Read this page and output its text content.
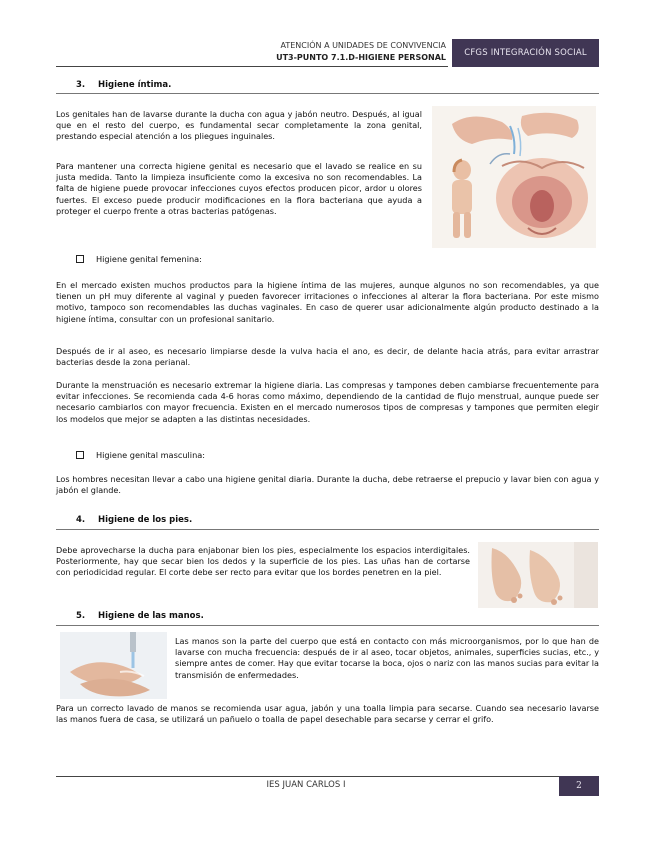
ATENCIÓN A UNIDADES DE CONVIVENCIA
UT3-PUNTO 7.1.D-HIGIENE PERSONAL	CFGS INTEGRACIÓN SOCIAL
3. Higiene íntima.

Los genitales han de lavarse durante la ducha con agua y jabón neutro. Después, al igual que en el resto del cuerpo, es fundamental secar completamente la zona genital, prestando especial atención a los pliegues inguinales.

Para mantener una correcta higiene genital es necesario que el lavado se realice en su justa medida. Tanto la limpieza insuficiente como la excesiva no son recomendables. La falta de higiene puede provocar infecciones cuyos efectos producen picor, ardor u olores fuertes. El exceso puede producir modificaciones en la flora bacteriana que ayuda a proteger el cuerpo frente a otras bacterias patógenas.

Higiene genital femenina:

En el mercado existen muchos productos para la higiene íntima de las mujeres, aunque algunos no son recomendables, ya que tienen un pH muy diferente al vaginal y pueden favorecer irritaciones o infecciones al alterar la flora bacteriana. Por este mismo motivo, tampoco son recomendables las duchas vaginales. En caso de querer usar adicionalmente algún producto destinado a la higiene íntima, consultar con un profesional sanitario.

Después de ir al aseo, es necesario limpiarse desde la vulva hacia el ano, es decir, de delante hacia atrás, para evitar arrastrar bacterias desde la zona perianal.

Durante la menstruación es necesario extremar la higiene diaria. Las compresas y tampones deben cambiarse frecuentemente para evitar infecciones. Se recomienda cada 4-6 horas como máximo, dependiendo de la cantidad de flujo menstrual, aunque puede ser necesario cambiarlos con mayor frecuencia. Existen en el mercado numerosos tipos de compresas y tampones que permiten elegir los modelos que mejor se adapten a las distintas necesidades.

Higiene genital masculina:

Los hombres necesitan llevar a cabo una higiene genital diaria. Durante la ducha, debe retraerse el prepucio y lavar bien con agua y jabón el glande.

4. Higiene de los pies.

Debe aprovecharse la ducha para enjabonar bien los pies, especialmente los espacios interdigitales. Posteriormente, hay que secar bien los dedos y la superficie de los pies. Las uñas han de cortarse con periodicidad regular. El corte debe ser recto para evitar que los bordes penetren en la piel.

5. Higiene de las manos.

Las manos son la parte del cuerpo que está en contacto con más microorganismos, por lo que han de lavarse con mucha frecuencia: después de ir al aseo, tocar objetos, animales, superficies sucias, etc., y siempre antes de comer. Hay que evitar tocarse la boca, ojos o nariz con las manos sucias para evitar la transmisión de enfermedades.

Para un correcto lavado de manos se recomienda usar agua, jabón y una toalla limpia para secarse. Cuando sea necesario lavarse las manos fuera de casa, se utilizará un pañuelo o toalla de papel desechable para secarse y cerrar el grifo.

IES JUAN CARLOS I	2
